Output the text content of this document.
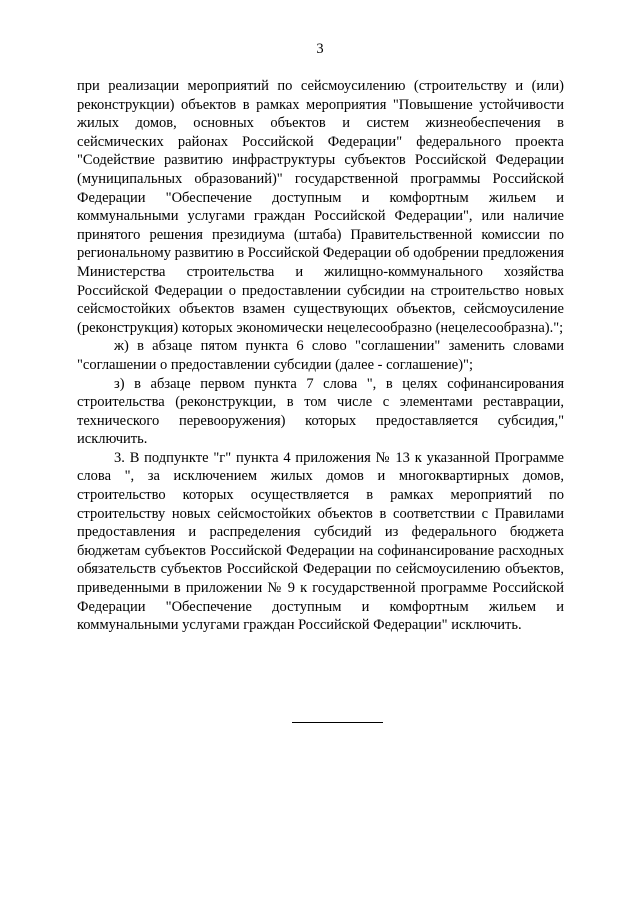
3

при реализации мероприятий по сейсмоусилению (строительству и (или) реконструкции) объектов в рамках мероприятия "Повышение устойчивости жилых домов, основных объектов и систем жизнеобеспечения в сейсмических районах Российской Федерации" федерального проекта "Содействие развитию инфраструктуры субъектов Российской Федерации (муниципальных образований)" государственной программы Российской Федерации "Обеспечение доступным и комфортным жильем и коммунальными услугами граждан Российской Федерации", или наличие принятого решения президиума (штаба) Правительственной комиссии по региональному развитию в Российской Федерации об одобрении предложения Министерства строительства и жилищно-коммунального хозяйства Российской Федерации о предоставлении субсидии на строительство новых сейсмостойких объектов взамен существующих объектов, сейсмоусиление (реконструкция) которых экономически нецелесообразно (нецелесообразна).";

ж) в абзаце пятом пункта 6 слово "соглашении" заменить словами "соглашении о предоставлении субсидии (далее - соглашение)";

з) в абзаце первом пункта 7 слова ", в целях софинансирования строительства (реконструкции, в том числе с элементами реставрации, технического перевооружения) которых предоставляется субсидия," исключить.

3. В подпункте "г" пункта 4 приложения № 13 к указанной Программе слова ", за исключением жилых домов и многоквартирных домов, строительство которых осуществляется в рамках мероприятий по строительству новых сейсмостойких объектов в соответствии с Правилами предоставления и распределения субсидий из федерального бюджета бюджетам субъектов Российской Федерации на софинансирование расходных обязательств субъектов Российской Федерации по сейсмоусилению объектов, приведенными в приложении № 9 к государственной программе Российской Федерации "Обеспечение доступным и комфортным жильем и коммунальными услугами граждан Российской Федерации" исключить.
